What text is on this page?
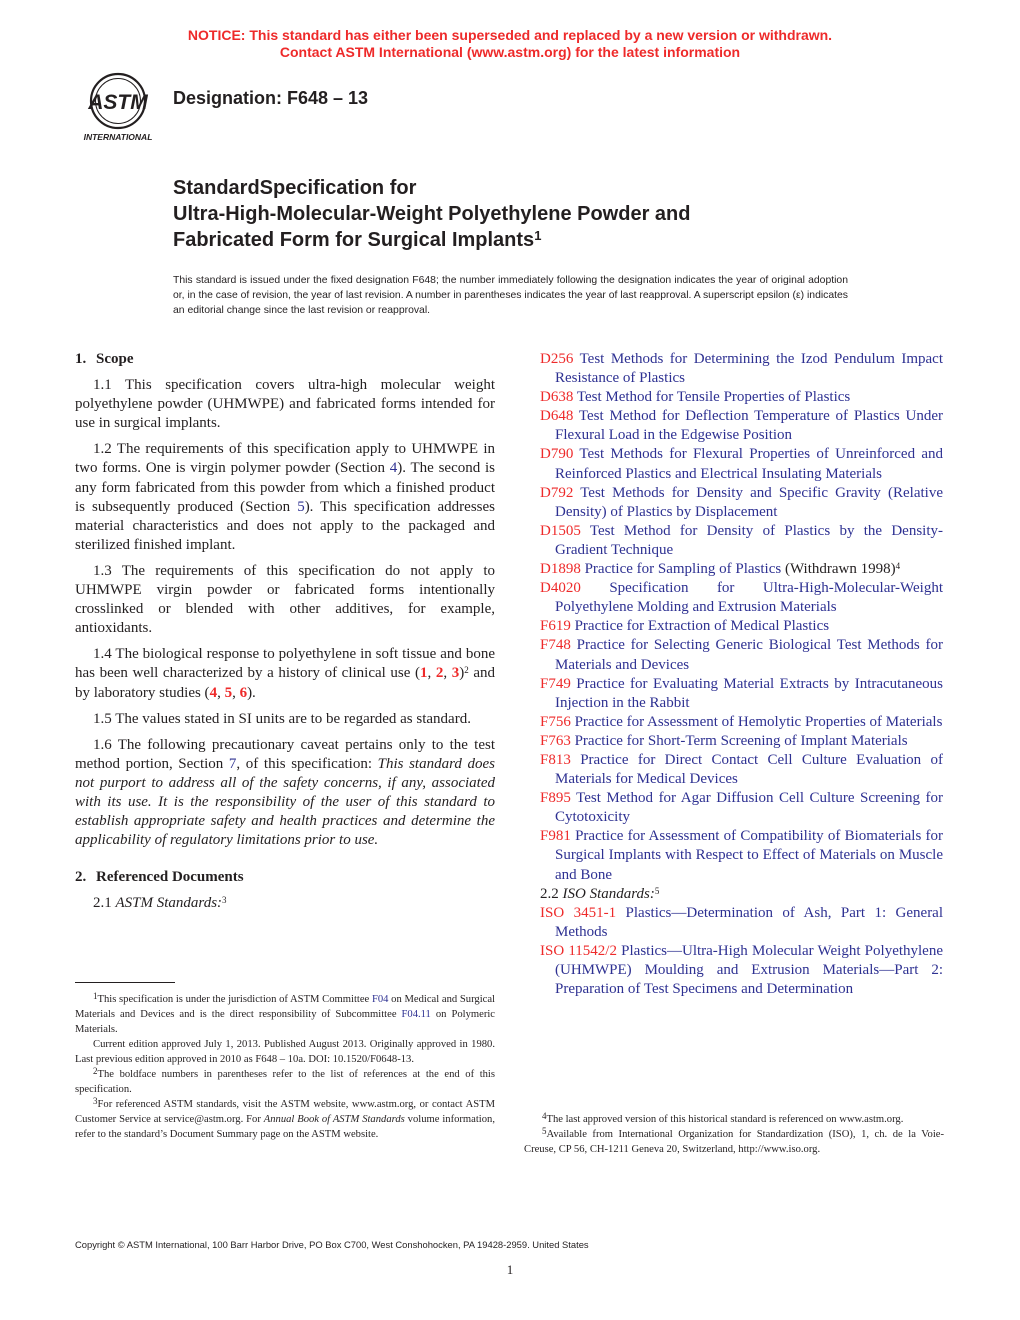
NOTICE: This standard has either been superseded and replaced by a new version or withdrawn.
Contact ASTM International (www.astm.org) for the latest information
ASTM
INTERNATIONAL
Designation: F648 – 13
StandardSpecification for
Ultra-High-Molecular-Weight Polyethylene Powder and
Fabricated Form for Surgical Implants$^1$
This standard is issued under the fixed designation F648; the number immediately following the designation indicates the year of original adoption or, in the case of revision, the year of last revision. A number in parentheses indicates the year of last reapproval. A superscript epsilon (ε) indicates an editorial change since the last revision or reapproval.
1. Scope

1.1 This specification covers ultra-high molecular weight polyethylene powder (UHMWPE) and fabricated forms intended for use in surgical implants.

1.2 The requirements of this specification apply to UHMWPE in two forms. One is virgin polymer powder (Section 4). The second is any form fabricated from this powder from which a finished product is subsequently produced (Section 5). This specification addresses material characteristics and does not apply to the packaged and sterilized finished implant.

1.3 The requirements of this specification do not apply to UHMWPE virgin powder or fabricated forms intentionally crosslinked or blended with other additives, for example, antioxidants.

1.4 The biological response to polyethylene in soft tissue and bone has been well characterized by a history of clinical use (1, 2, 3)$^2$ and by laboratory studies (4, 5, 6).

1.5 The values stated in SI units are to be regarded as standard.

1.6 The following precautionary caveat pertains only to the test method portion, Section 7, of this specification: This standard does not purport to address all of the safety concerns, if any, associated with its use. It is the responsibility of the user of this standard to establish appropriate safety and health practices and determine the applicability of regulatory limitations prior to use.

2. Referenced Documents

2.1 ASTM Standards:$^3$

D256 Test Methods for Determining the Izod Pendulum Impact Resistance of Plastics

D638 Test Method for Tensile Properties of Plastics

D648 Test Method for Deflection Temperature of Plastics Under Flexural Load in the Edgewise Position

D790 Test Methods for Flexural Properties of Unreinforced and Reinforced Plastics and Electrical Insulating Materials

D792 Test Methods for Density and Specific Gravity (Relative Density) of Plastics by Displacement

D1505 Test Method for Density of Plastics by the Density-Gradient Technique

D1898 Practice for Sampling of Plastics (Withdrawn 1998)$^4$

D4020 Specification for Ultra-High-Molecular-Weight Polyethylene Molding and Extrusion Materials

F619 Practice for Extraction of Medical Plastics

F748 Practice for Selecting Generic Biological Test Methods for Materials and Devices

F749 Practice for Evaluating Material Extracts by Intracutaneous Injection in the Rabbit

F756 Practice for Assessment of Hemolytic Properties of Materials

F763 Practice for Short-Term Screening of Implant Materials

F813 Practice for Direct Contact Cell Culture Evaluation of Materials for Medical Devices

F895 Test Method for Agar Diffusion Cell Culture Screening for Cytotoxicity

F981 Practice for Assessment of Compatibility of Biomaterials for Surgical Implants with Respect to Effect of Materials on Muscle and Bone

2.2 ISO Standards:$^5$

ISO 3451-1 Plastics—Determination of Ash, Part 1: General Methods

ISO 11542/2 Plastics—Ultra-High Molecular Weight Polyethylene (UHMWPE) Moulding and Extrusion Materials—Part 2: Preparation of Test Specimens and Determination

$^1$This specification is under the jurisdiction of ASTM Committee F04 on Medical and Surgical Materials and Devices and is the direct responsibility of Subcommittee F04.11 on Polymeric Materials.

Current edition approved July 1, 2013. Published August 2013. Originally approved in 1980. Last previous edition approved in 2010 as F648 – 10a. DOI: 10.1520/F0648-13.

$^2$The boldface numbers in parentheses refer to the list of references at the end of this specification.

$^3$For referenced ASTM standards, visit the ASTM website, www.astm.org, or contact ASTM Customer Service at service@astm.org. For Annual Book of ASTM Standards volume information, refer to the standard’s Document Summary page on the ASTM website.

$^4$The last approved version of this historical standard is referenced on www.astm.org.

$^5$Available from International Organization for Standardization (ISO), 1, ch. de la Voie-Creuse, CP 56, CH-1211 Geneva 20, Switzerland, http://www.iso.org.

Copyright © ASTM International, 100 Barr Harbor Drive, PO Box C700, West Conshohocken, PA 19428-2959. United States
1
